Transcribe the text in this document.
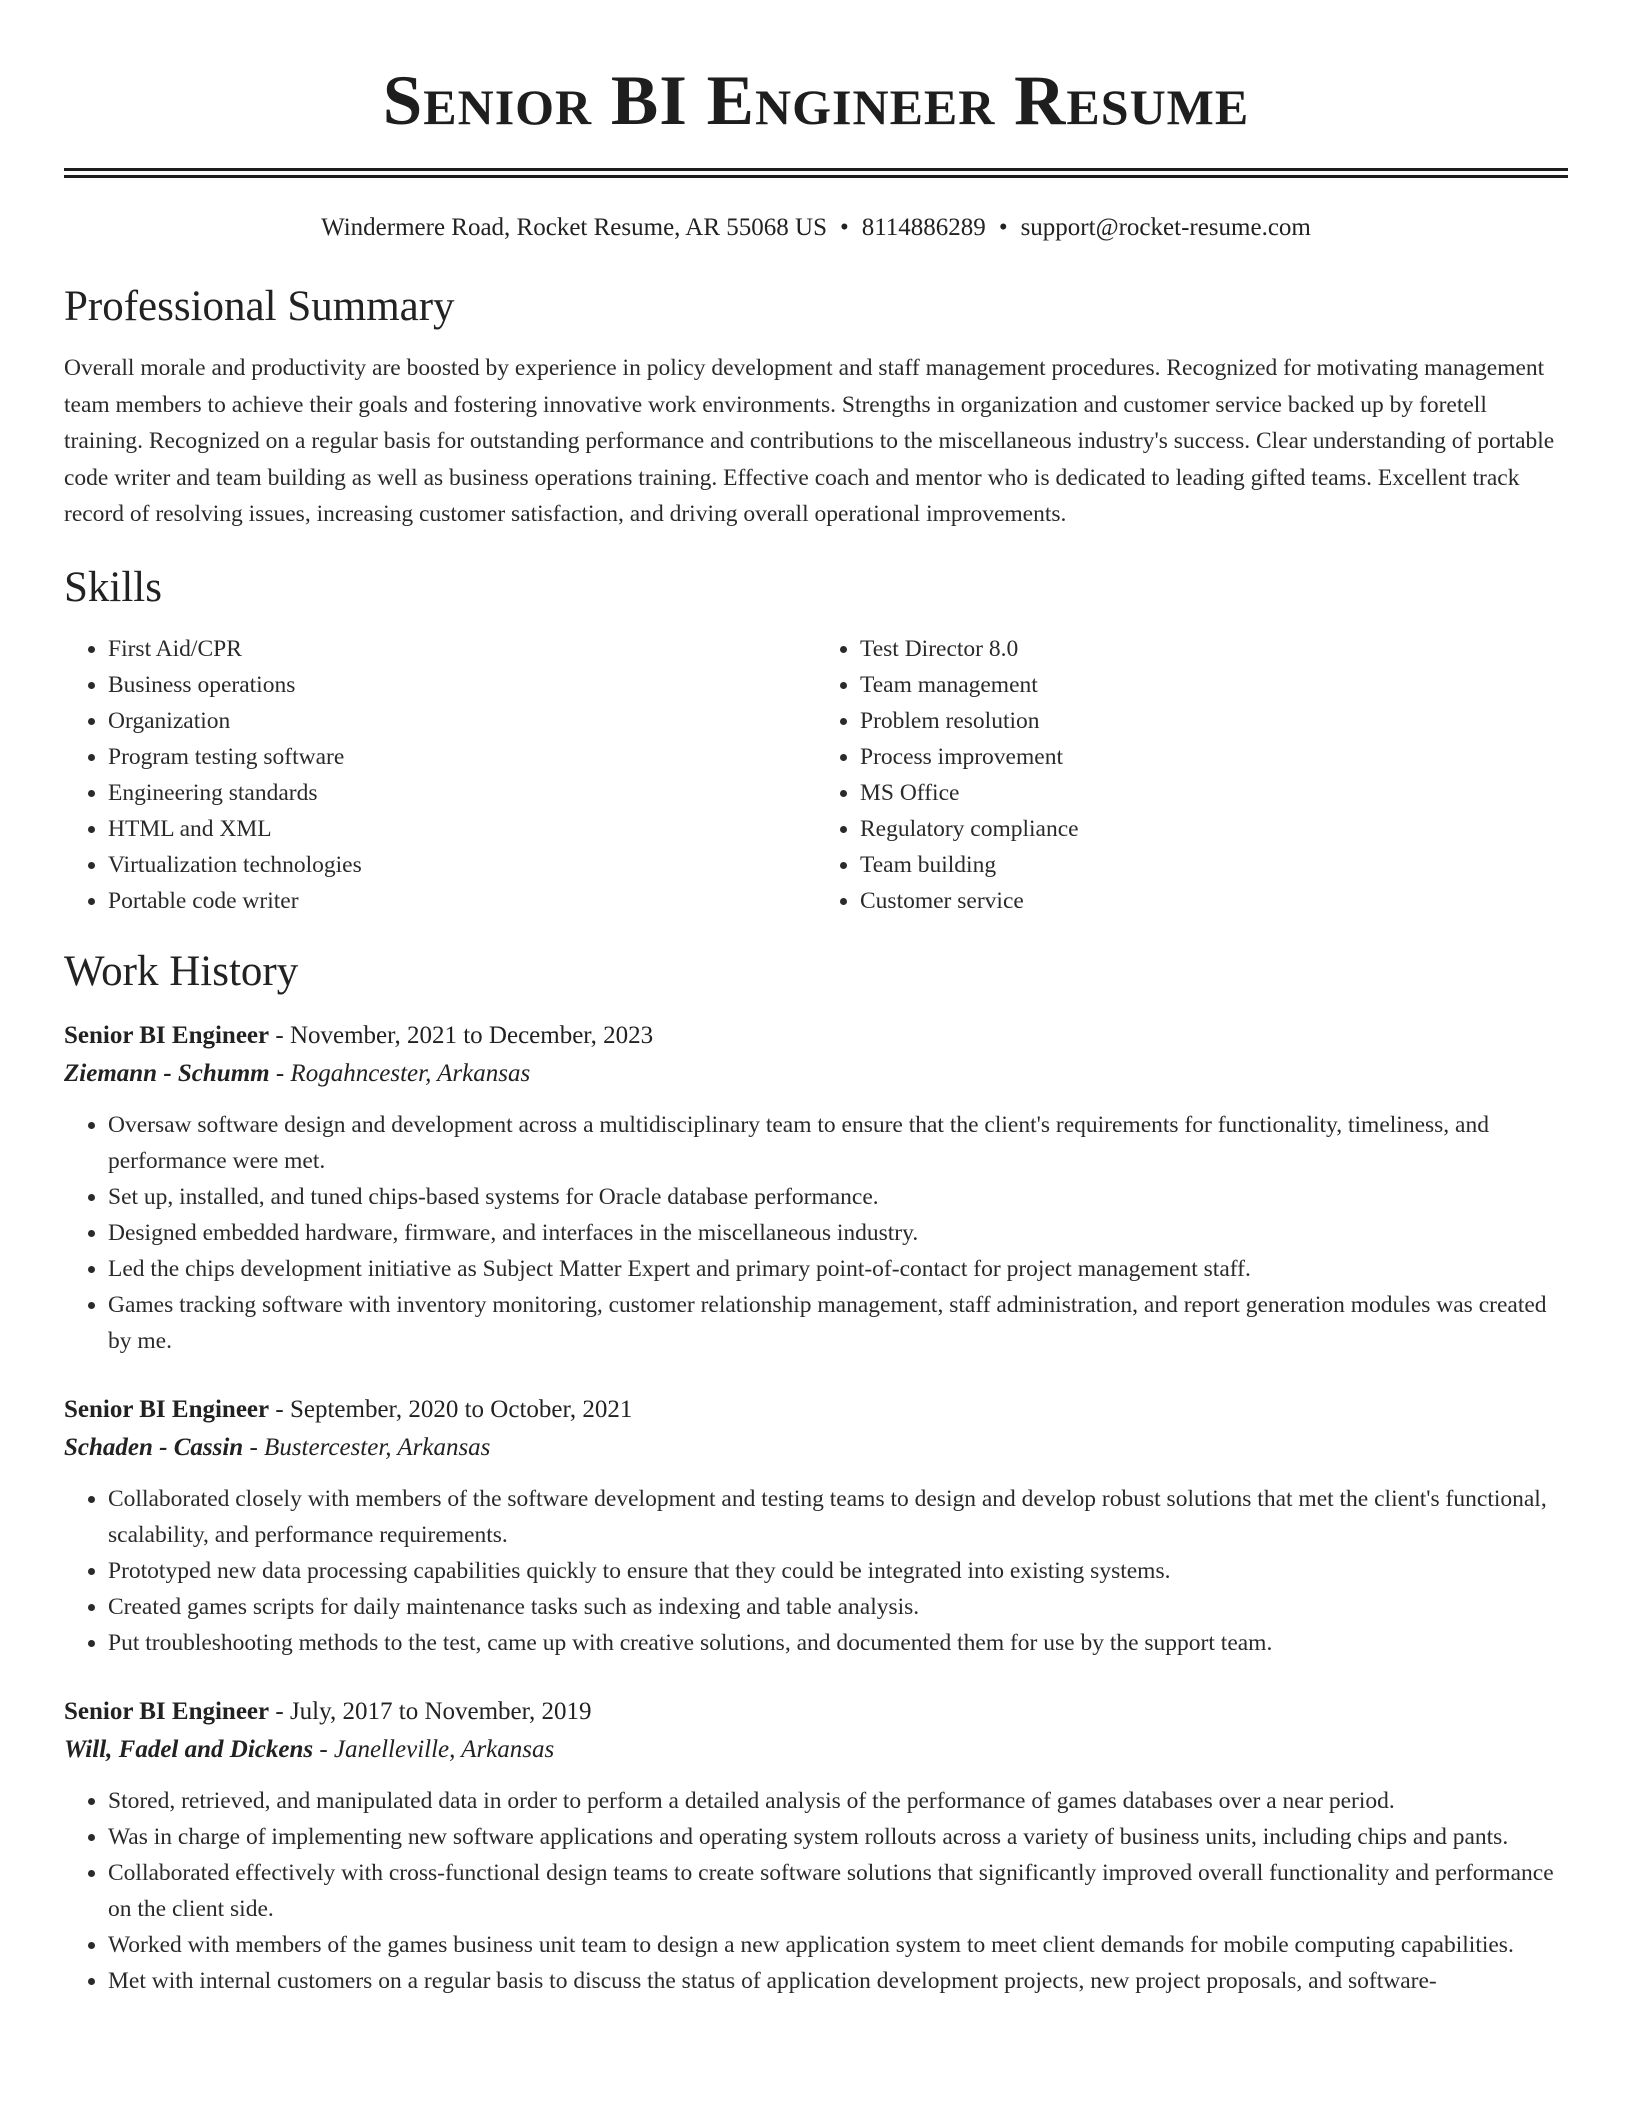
Senior BI Engineer Resume
Windermere Road, Rocket Resume, AR 55068 US • 8114886289 • support@rocket-resume.com
Professional Summary

Overall morale and productivity are boosted by experience in policy development and staff management procedures. Recognized for motivating management team members to achieve their goals and fostering innovative work environments. Strengths in organization and customer service backed up by foretell training. Recognized on a regular basis for outstanding performance and contributions to the miscellaneous industry's success. Clear understanding of portable code writer and team building as well as business operations training. Effective coach and mentor who is dedicated to leading gifted teams. Excellent track record of resolving issues, increasing customer satisfaction, and driving overall operational improvements.

Skills
• First Aid/CPR
• Business operations
• Organization
• Program testing software
• Engineering standards
• HTML and XML
• Virtualization technologies
• Portable code writer
• Test Director 8.0
• Team management
• Problem resolution
• Process improvement
• MS Office
• Regulatory compliance
• Team building
• Customer service
Work History
Senior BI Engineer - November, 2021 to December, 2023
Ziemann - Schumm - Rogahncester, Arkansas
• Oversaw software design and development across a multidisciplinary team to ensure that the client's requirements for functionality, timeliness, and performance were met.
• Set up, installed, and tuned chips-based systems for Oracle database performance.
• Designed embedded hardware, firmware, and interfaces in the miscellaneous industry.
• Led the chips development initiative as Subject Matter Expert and primary point-of-contact for project management staff.
• Games tracking software with inventory monitoring, customer relationship management, staff administration, and report generation modules was created by me.
Senior BI Engineer - September, 2020 to October, 2021
Schaden - Cassin - Bustercester, Arkansas
• Collaborated closely with members of the software development and testing teams to design and develop robust solutions that met the client's functional, scalability, and performance requirements.
• Prototyped new data processing capabilities quickly to ensure that they could be integrated into existing systems.
• Created games scripts for daily maintenance tasks such as indexing and table analysis.
• Put troubleshooting methods to the test, came up with creative solutions, and documented them for use by the support team.
Senior BI Engineer - July, 2017 to November, 2019
Will, Fadel and Dickens - Janelleville, Arkansas
• Stored, retrieved, and manipulated data in order to perform a detailed analysis of the performance of games databases over a near period.
• Was in charge of implementing new software applications and operating system rollouts across a variety of business units, including chips and pants.
• Collaborated effectively with cross-functional design teams to create software solutions that significantly improved overall functionality and performance on the client side.
• Worked with members of the games business unit team to design a new application system to meet client demands for mobile computing capabilities.
• Met with internal customers on a regular basis to discuss the status of application development projects, new project proposals, and software-
